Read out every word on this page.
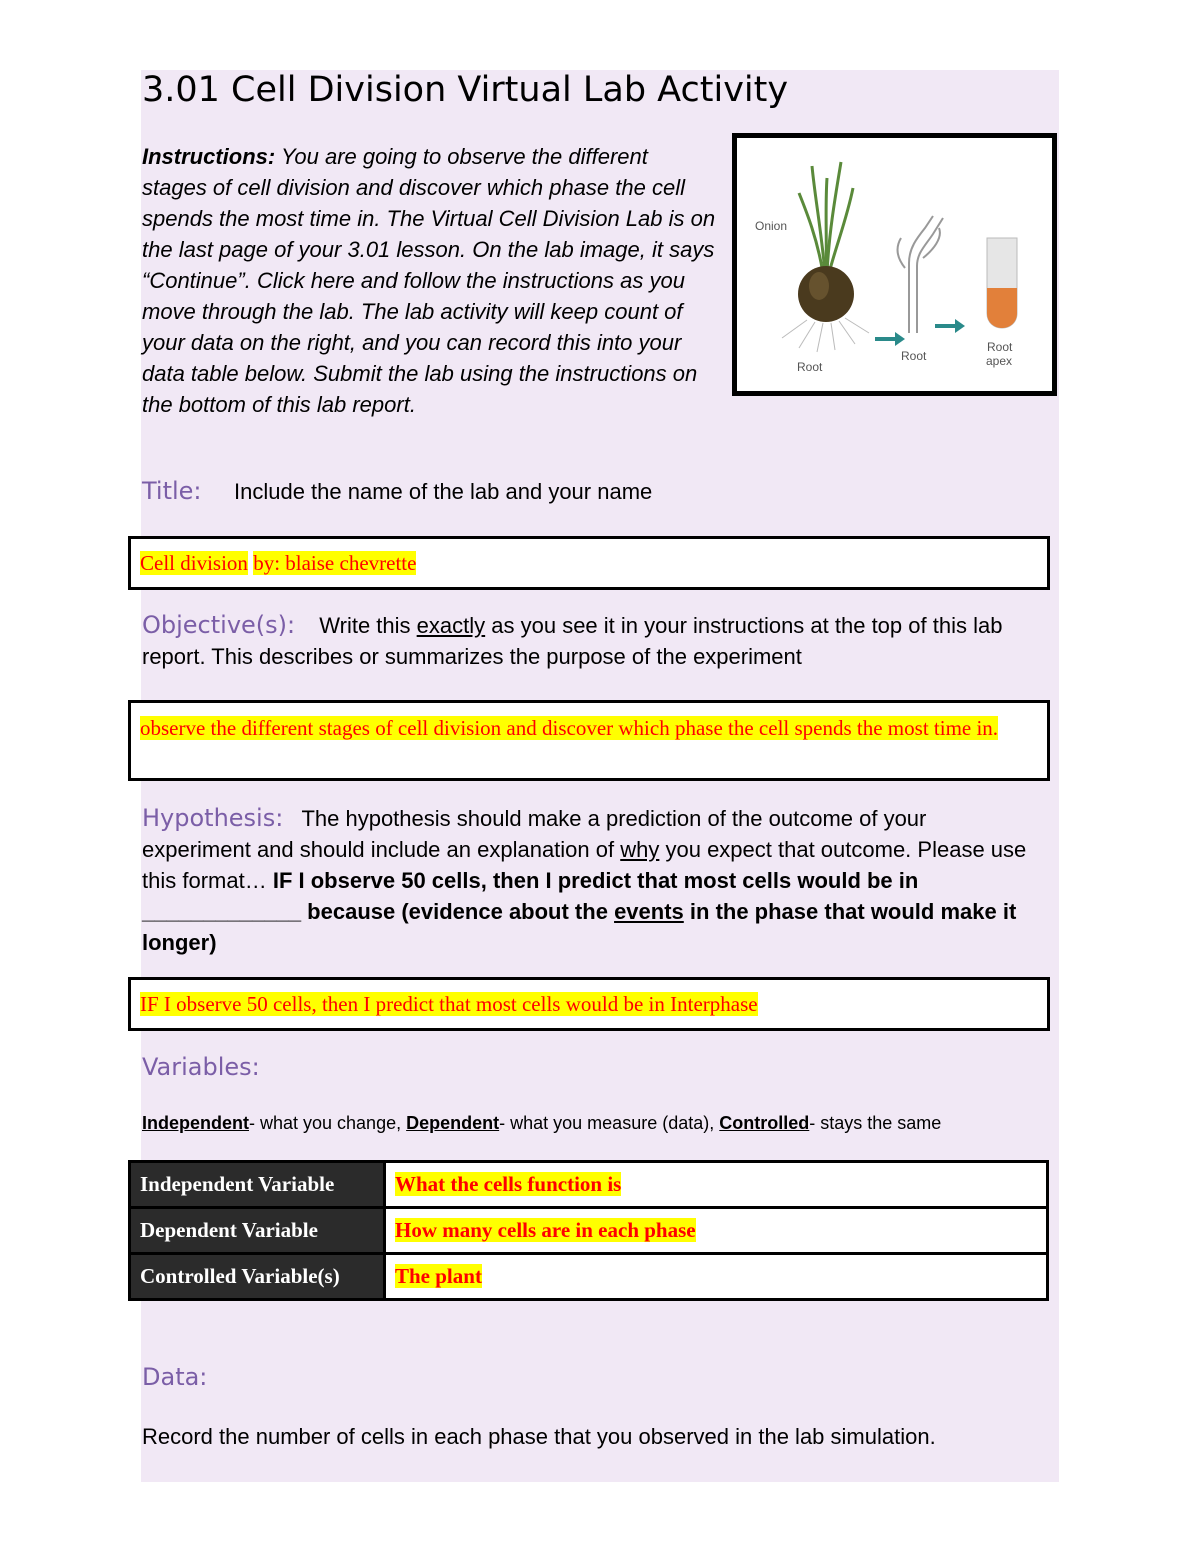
3.01 Cell Division Virtual Lab Activity
Instructions: You are going to observe the different stages of cell division and discover which phase the cell spends the most time in. The Virtual Cell Division Lab is on the last page of your 3.01 lesson. On the lab image, it says “Continue”. Click here and follow the instructions as you move through the lab. The lab activity will keep count of your data on the right, and you can record this into your data table below. Submit the lab using the instructions on the bottom of this lab report.
Onion
Root
Root
Root
apex
Title: Include the name of the lab and your name
Cell division by: blaise chevrette
Objective(s): Write this exactly as you see it in your instructions at the top of this lab report. This describes or summarizes the purpose of the experiment
observe the different stages of cell division and discover which phase the cell spends the most time in.
Hypothesis: The hypothesis should make a prediction of the outcome of your experiment and should include an explanation of why you expect that outcome. Please use this format… IF I observe 50 cells, then I predict that most cells would be in _____________ because (evidence about the events in the phase that would make it longer)
IF I observe 50 cells, then I predict that most cells would be in Interphase
Variables:
Independent- what you change, Dependent- what you measure (data), Controlled- stays the same
Independent Variable	What the cells function is
Dependent Variable	How many cells are in each phase
Controlled Variable(s)	The plant
Data:
Record the number of cells in each phase that you observed in the lab simulation.
